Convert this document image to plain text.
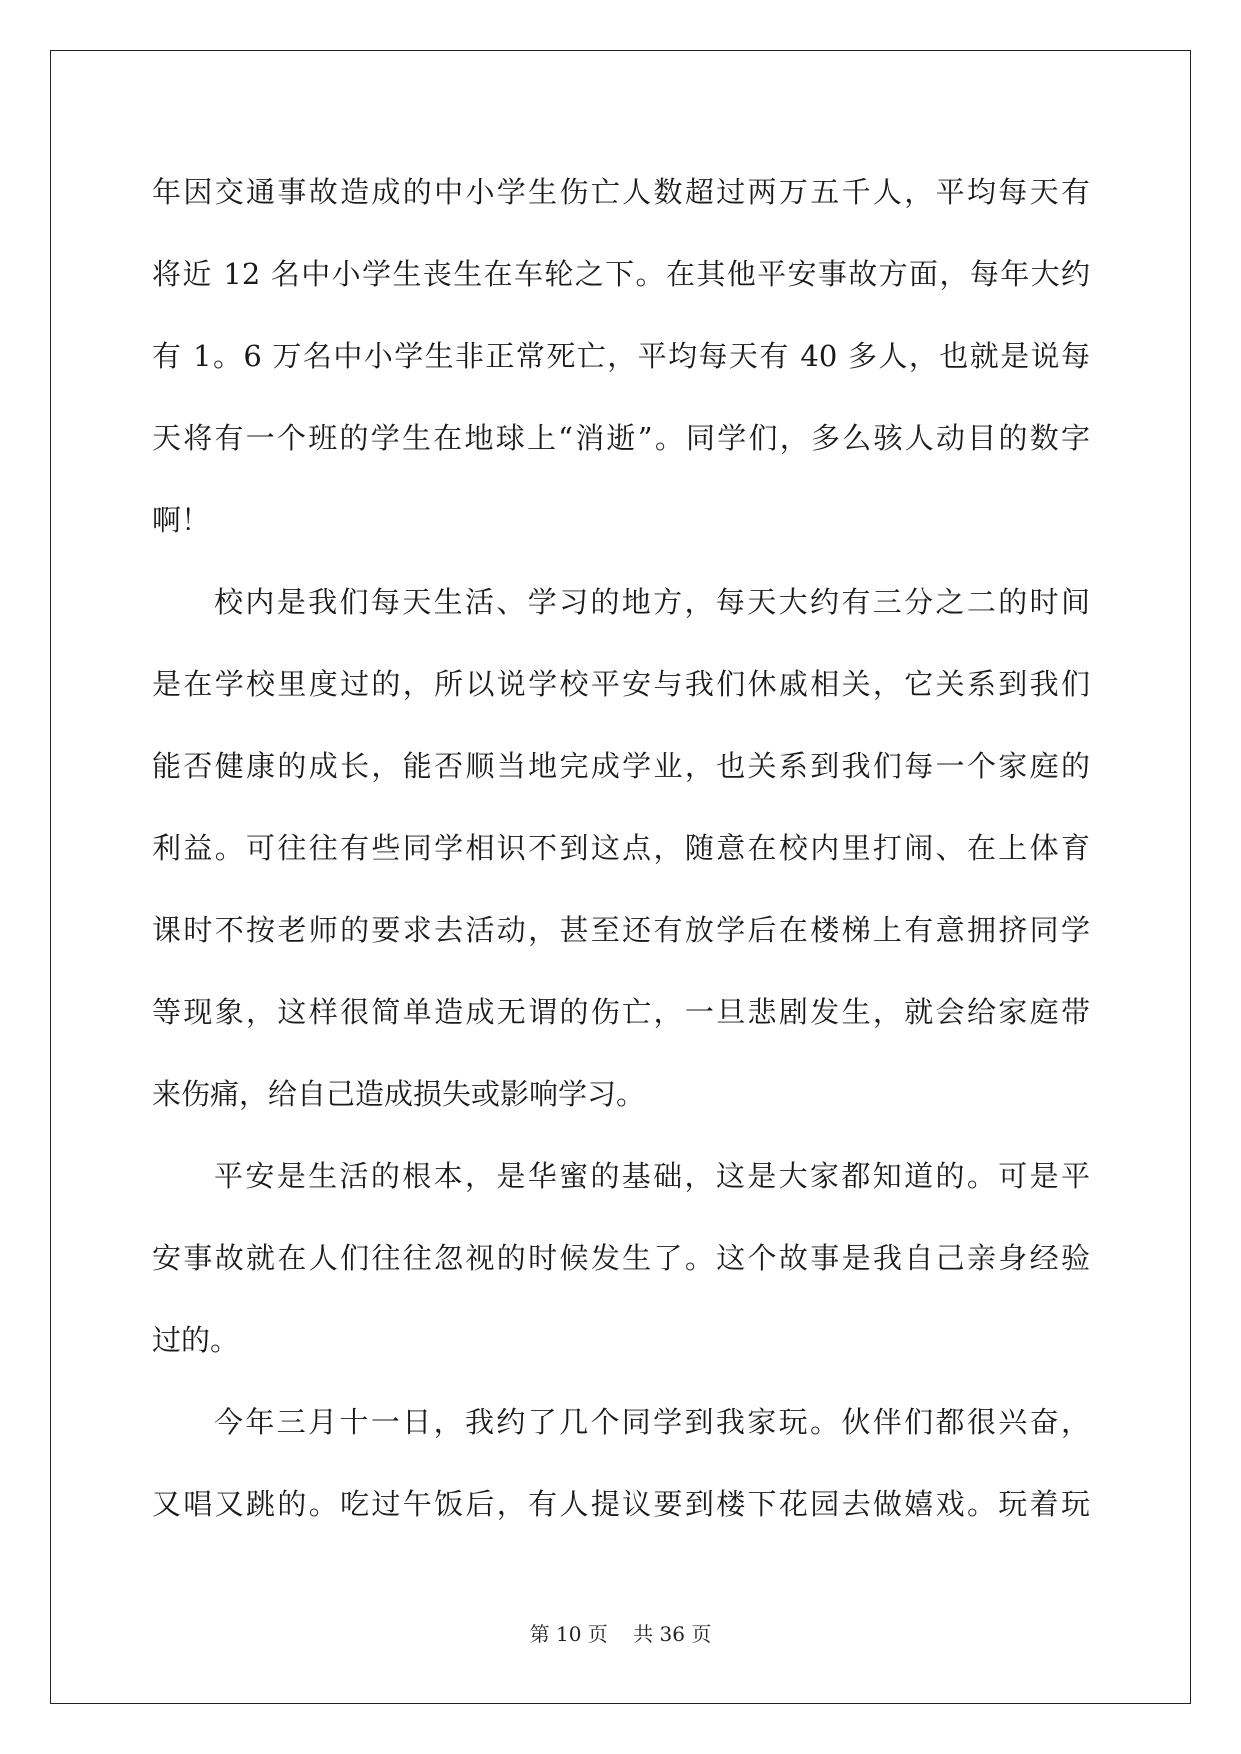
年因交通事故造成的中小学生伤亡人数超过两万五千人，平均每天有
将近 12 名中小学生丧生在车轮之下。在其他平安事故方面，每年大约
有 1。6 万名中小学生非正常死亡，平均每天有 40 多人，也就是说每
天将有一个班的学生在地球上“消逝”。同学们，多么骇人动目的数字
啊！
校内是我们每天生活、学习的地方，每天大约有三分之二的时间
是在学校里度过的，所以说学校平安与我们休戚相关，它关系到我们
能否健康的成长，能否顺当地完成学业，也关系到我们每一个家庭的
利益。可往往有些同学相识不到这点，随意在校内里打闹、在上体育
课时不按老师的要求去活动，甚至还有放学后在楼梯上有意拥挤同学
等现象，这样很简单造成无谓的伤亡，一旦悲剧发生，就会给家庭带
来伤痛，给自己造成损失或影响学习。
平安是生活的根本，是华蜜的基础，这是大家都知道的。可是平
安事故就在人们往往忽视的时候发生了。这个故事是我自己亲身经验
过的。
今年三月十一日，我约了几个同学到我家玩。伙伴们都很兴奋，
又唱又跳的。吃过午饭后，有人提议要到楼下花园去做嬉戏。玩着玩
第 10 页    共 36 页
